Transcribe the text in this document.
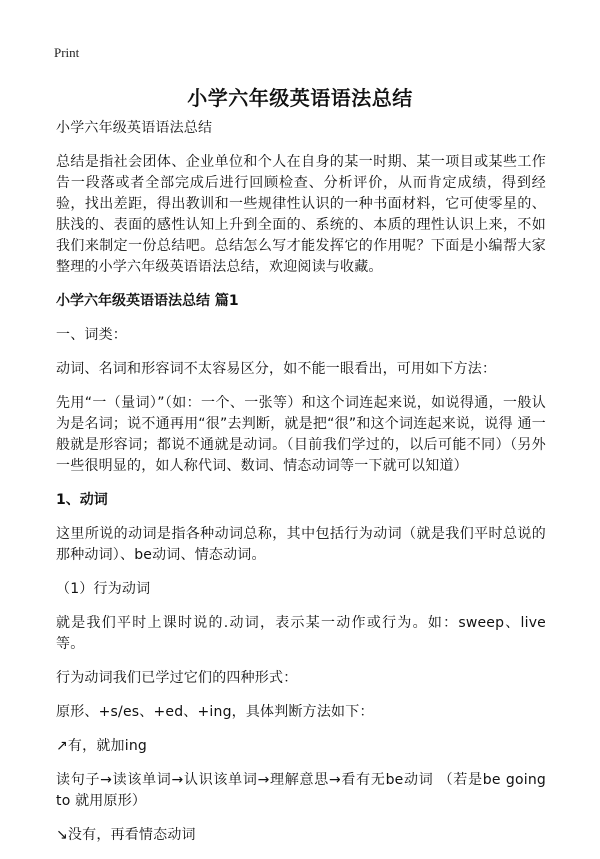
Print
小学六年级英语语法总结

小学六年级英语语法总结

总结是指社会团体、企业单位和个人在自身的某一时期、某一项目或某些工作告一段落或者全部完成后进行回顾检查、分析评价，从而肯定成绩，得到经验，找出差距，得出教训和一些规律性认识的一种书面材料，它可使零星的、肤浅的、表面的感性认知上升到全面的、系统的、本质的理性认识上来，不如我们来制定一份总结吧。总结怎么写才能发挥它的作用呢？下面是小编帮大家整理的小学六年级英语语法总结，欢迎阅读与收藏。

小学六年级英语语法总结 篇1

一、词类：

动词、名词和形容词不太容易区分，如不能一眼看出，可用如下方法：

先用“一（量词）”（如：一个、一张等）和这个词连起来说，如说得通，一般认为是名词；说不通再用“很”去判断，就是把“很”和这个词连起来说，说得 通一般就是形容词；都说不通就是动词。（目前我们学过的，以后可能不同）（另外一些很明显的，如人称代词、数词、情态动词等一下就可以知道）

1、动词

这里所说的动词是指各种动词总称，其中包括行为动词（就是我们平时总说的那种动词）、be动词、情态动词。

（1）行为动词

就是我们平时上课时说的.动词，表示某一动作或行为。如：sweep、live 等。

行为动词我们已学过它们的四种形式：

原形、+s/es、+ed、+ing，具体判断方法如下：

↗有，就加ing

读句子→读该单词→认识该单词→理解意思→看有无be动词 （若是be going to 就用原形）

↘没有，再看情态动词
